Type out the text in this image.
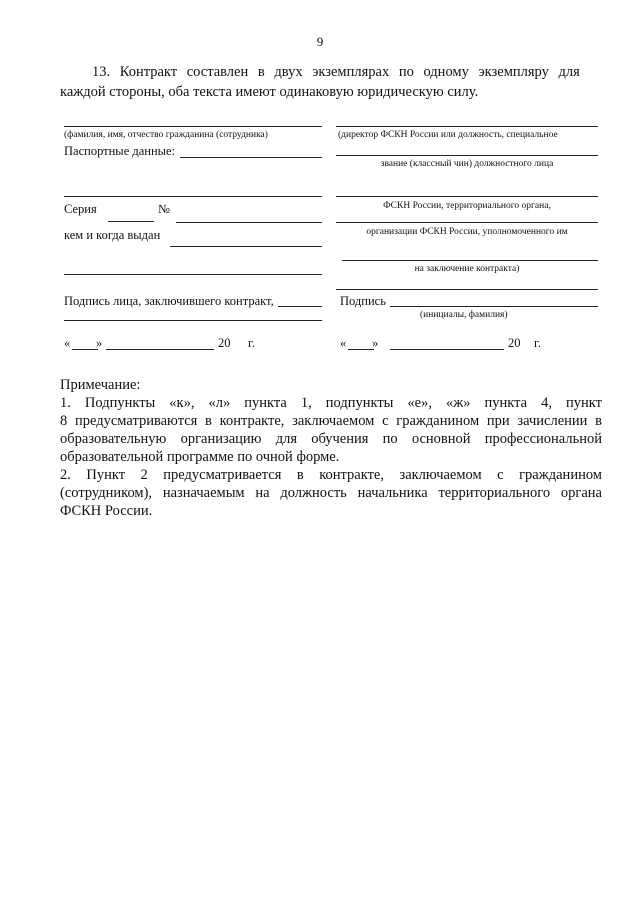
9
13. Контракт составлен в двух экземплярах по одному экземпляру для
каждой стороны, оба текста имеют одинаковую юридическую силу.
(фамилия, имя, отчество гражданина (сотрудника)
Паспортные данные:
Серия	№
кем и когда выдан
Подпись лица, заключившего контракт,
« »	20 г.
(директор ФСКН России или должность, специальное
звание (классный чин) должностного лица
ФСКН России, территориального органа,
организации ФСКН России, уполномоченного им
на заключение контракта)
Подпись
(инициалы, фамилия)
« »	20 г.
Примечание:
1. Подпункты «к», «л» пункта 1, подпункты «е», «ж» пункта 4, пункт
8 предусматриваются в контракте, заключаемом с гражданином при зачислении в
образовательную организацию для обучения по основной профессиональной
образовательной программе по очной форме.
2. Пункт 2 предусматривается в контракте, заключаемом с гражданином
(сотрудником), назначаемым на должность начальника территориального органа
ФСКН России.
